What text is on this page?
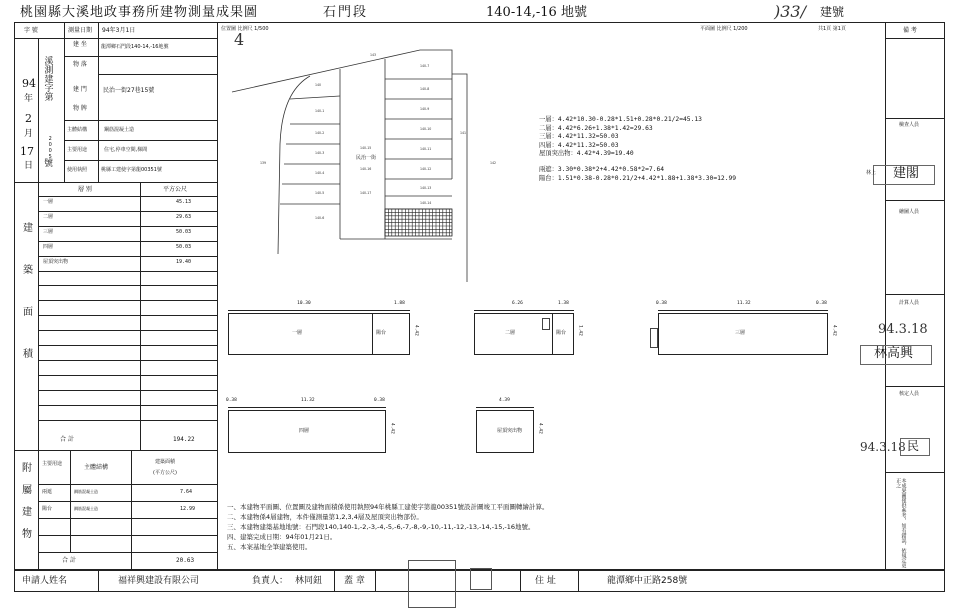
桃園縣大溪地政事務所建物測量成果圖	石門段	140-14,-16 地號	)33/ 建號
字 號	測量日期 94年3月1日
94
年
2
月
17
日
溪測建字第
2005
號
建 坐
物 落
龍潭鄉石門段140-14,-16地號
建 門
物 牌
民治一街27巷15號
主體結構	鋼筋混凝土造
主要用途	住宅,停車空間,梯間
使用執照	桃縣工建使字第龍00351號
層 別	平方公尺
建築面積
一層	45.13
二層	29.63
三層	50.03
四層	50.03
屋頂突出物	19.40
合 計	194.22
附屬建物 主要用途	主體結構
建築面積
(平方公尺)
兩遮	鋼筋混凝土造	7.64
陽台	鋼筋混凝土造	12.99
合 計	20.63
備 考
檢查人員
林上 建閣
繪圖人員
計算人員
94.3.18
林高興
核定人員
94.3.18 民
本成果圖僅供參考，如有錯誤，依規定更正之
位置圖 比例尺 1/500
4
平面圖 比例尺 1/200	共1頁 第1頁
140
140-1
140-2
140-3
140-4
140-5
140-6
140-7
140-8
140-9
140-10
140-11
140-12
140-13
140-14
140-15
140-16
140-17
139
141
142
143
民治一街
一層：4.42*10.30-0.28*1.51+0.28*0.21/2=45.13
二層：4.42*6.26+1.38*1.42=29.63
三層：4.42*11.32=50.03
四層：4.42*11.32=50.03
屋頂突出物：4.42*4.39=19.40
兩遮：3.30*0.38*2+4.42*0.58*2=7.64
陽台：1.51*0.38-0.28*0.21/2+4.42*1.88+1.38*3.30=12.99
10.30	1.88
4.42
一層	陽台
6.26	1.38
1.42
二層	陽台
0.38	11.32	0.38
4.42
三層
0.38	11.32	0.38
4.42
四層
4.39
4.42
屋頂突出物
一、本建物平面圖、位置圖及建物面積係使用執照94年桃縣工建使字第龍00351號設計圖竣工平面圖轉繪計算。
二、本建物係4層建物，本件僅測量第1,2,3,4層及屋頂突出物部份。
三、本建物建築基地地號：石門段140,140-1,-2,-3,-4,-5,-6,-7,-8,-9,-10,-11,-12,-13,-14,-15,-16地號。
四、建築完成日期：94年01月21日。
五、本案基地全筆建築使用。
申請人姓名	福祥興建設有限公司	負責人： 林同鈕 蓋 章	住 址	龍潭鄉中正路258號
